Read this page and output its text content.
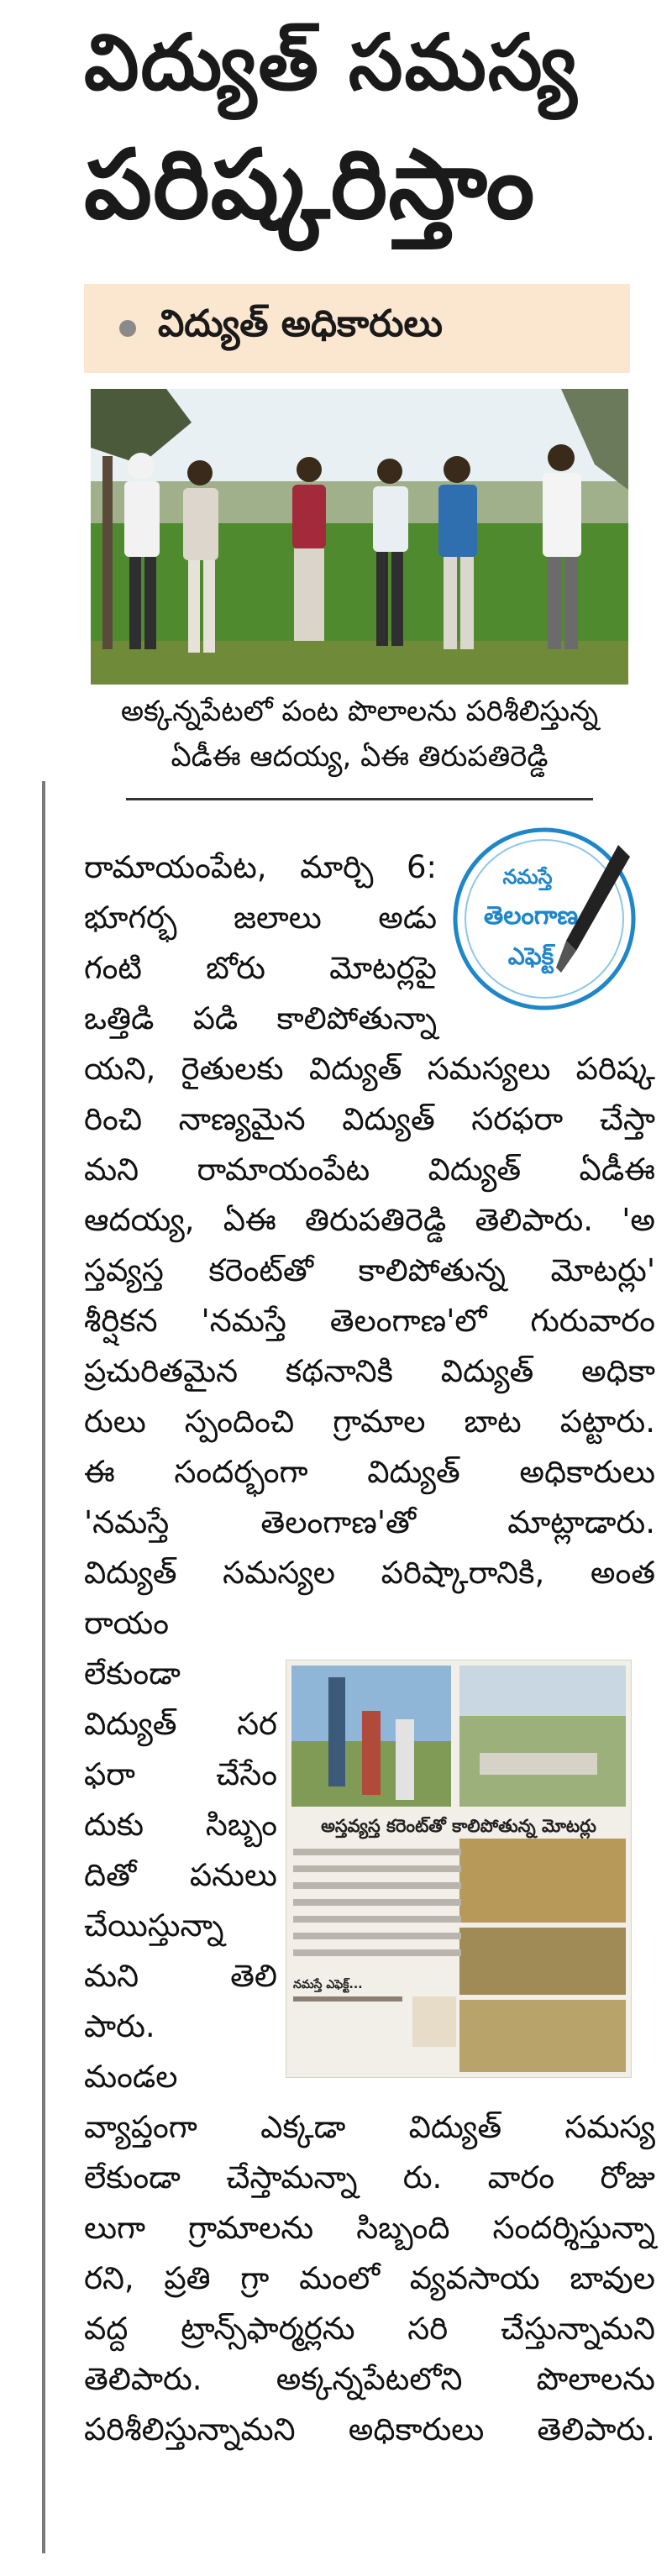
విద్యుత్ సమస్య
పరిష్కరిస్తాం
విద్యుత్ అధికారులు
అక్కన్నపేటలో పంట పొలాలను పరిశీలిస్తున్న
ఏడీఈ ఆదయ్య, ఏఈ తిరుపతిరెడ్డి
నమస్తే
తెలంగాణ
ఎఫెక్ట్
రామాయంపేట, మార్చి 6:
భూగర్భ జలాలు అడు
గంటి బోరు మోటర్లపై
ఒత్తిడి పడి కాలిపోతున్నా
యని, రైతులకు విద్యుత్ సమస్యలు పరిష్క
రించి నాణ్యమైన విద్యుత్ సరఫరా చేస్తా
మని రామాయంపేట విద్యుత్ ఏడీఈ
ఆదయ్య, ఏఈ తిరుపతిరెడ్డి తెలిపారు. 'అ
స్తవ్యస్త కరెంట్‌తో కాలిపోతున్న మోటర్లు'
శీర్షికన 'నమస్తే తెలంగాణ'లో గురువారం
ప్రచురితమైన కథనానికి విద్యుత్ అధికా
రులు స్పందించి గ్రామాల బాట పట్టారు.
ఈ సందర్భంగా విద్యుత్ అధికారులు
'నమస్తే తెలంగాణ'తో మాట్లాడారు.
విద్యుత్ సమస్యల పరిష్కారానికి, అంత
రాయం
లేకుండా
విద్యుత్ సర
ఫరా చేసేం
దుకు సిబ్బం
దితో పనులు
చేయిస్తున్నా
మని తెలి
పారు.
మండల
వ్యాప్తంగా ఎక్కడా విద్యుత్ సమస్య
లేకుండా చేస్తామన్నా రు. వారం రోజు
లుగా గ్రామాలను సిబ్బంది సందర్శిస్తున్నా
రని, ప్రతి గ్రా మంలో వ్యవసాయ బావుల
వద్ద ట్రాన్స్‌ఫార్మర్లను సరి చేస్తున్నామని
తెలిపారు. అక్కన్నపేటలోని పొలాలను
పరిశీలిస్తున్నామని అధికారులు తెలిపారు.
అస్తవ్యస్త కరెంట్‌తో కాలిపోతున్న మోటర్లు
నమస్తే ఎఫెక్ట్...
